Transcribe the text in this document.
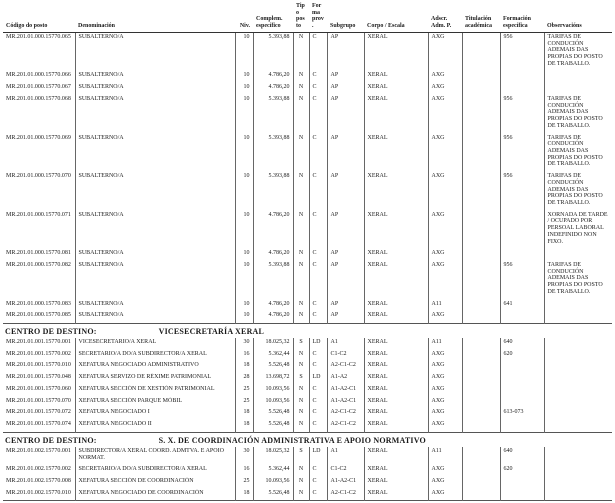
Código do posto	Denominación	Niv.	Complem. específico	Tipo posto	Forma prov.	Subgrupo	Corpo / Escala	Adscr. Adm. P.	Titulación académica	Formación específica	Observacións
MR.201.01.000.15770.065	SUBALTERNO/A	10	5.393,88	N	C	AP	XERAL	AXG		956	TARIFAS DE CONDUCIÓN ADEMAIS DAS PROPIAS DO POSTO DE TRABALLO.
MR.201.01.000.15770.066	SUBALTERNO/A	10	4.786,20	N	C	AP	XERAL	AXG			
MR.201.01.000.15770.067	SUBALTERNO/A	10	4.786,20	N	C	AP	XERAL	AXG			
MR.201.01.000.15770.068	SUBALTERNO/A	10	5.393,88	N	C	AP	XERAL	AXG		956	TARIFAS DE CONDUCIÓN ADEMAIS DAS PROPIAS DO POSTO DE TRABALLO.
MR.201.01.000.15770.069	SUBALTERNO/A	10	5.393,88	N	C	AP	XERAL	AXG		956	TARIFAS DE CONDUCIÓN ADEMAIS DAS PROPIAS DO POSTO DE TRABALLO.
MR.201.01.000.15770.070	SUBALTERNO/A	10	5.393,88	N	C	AP	XERAL	AXG		956	TARIFAS DE CONDUCIÓN ADEMAIS DAS PROPIAS DO POSTO DE TRABALLO.
MR.201.01.000.15770.071	SUBALTERNO/A	10	4.786,20	N	C	AP	XERAL	AXG			XORNADA DE TARDE / OCUPADO POR PERSOAL LABORAL INDEFINIDO NON FIXO.
MR.201.01.000.15770.081	SUBALTERNO/A	10	4.786,20	N	C	AP	XERAL	AXG			
MR.201.01.000.15770.082	SUBALTERNO/A	10	5.393,88	N	C	AP	XERAL	AXG		956	TARIFAS DE CONDUCIÓN ADEMAIS DAS PROPIAS DO POSTO DE TRABALLO.
MR.201.01.000.15770.083	SUBALTERNO/A	10	4.786,20	N	C	AP	XERAL	A11		641	
MR.201.01.000.15770.085	SUBALTERNO/A	10	4.786,20	N	C	AP	XERAL	AXG			
CENTRO DE DESTINO:	VICESECRETARÍA XERAL
MR.201.01.001.15770.001	VICESECRETARIO/A XERAL	30	18.025,32	S	LD	A1	XERAL	A11		640	
MR.201.01.001.15770.002	SECRETARIO/A DO/A SUBDIRECTOR/A XERAL	16	5.362,44	N	C	C1-C2	XERAL	AXG		620	
MR.201.01.001.15770.010	XEFATURA NEGOCIADO ADMINISTRATIVO	18	5.526,48	N	C	A2-C1-C2	XERAL	AXG			
MR.201.01.001.15770.048	XEFATURA SERVIZO DE RÉXIME PATRIMONIAL	28	13.698,72	S	LD	A1-A2	XERAL	AXG			
MR.201.01.001.15770.060	XEFATURA SECCIÓN DE XESTIÓN PATRIMONIAL	25	10.093,56	N	C	A1-A2-C1	XERAL	AXG			
MR.201.01.001.15770.070	XEFATURA SECCIÓN PARQUE MÓBIL	25	10.093,56	N	C	A1-A2-C1	XERAL	AXG			
MR.201.01.001.15770.072	XEFATURA NEGOCIADO I	18	5.526,48	N	C	A2-C1-C2	XERAL	AXG		613-073	
MR.201.01.001.15770.074	XEFATURA NEGOCIADO II	18	5.526,48	N	C	A2-C1-C2	XERAL	AXG			
CENTRO DE DESTINO:	S. X. DE COORDINACIÓN ADMINISTRATIVA E APOIO NORMATIVO
MR.201.01.002.15770.001	SUBDIRECTOR/A XERAL COORD. ADMTVA. E APOIO NORMAT.	30	18.025,32	S	LD	A1	XERAL	A11		640	
MR.201.01.002.15770.002	SECRETARIO/A DO/A SUBDIRECTOR/A XERAL	16	5.362,44	N	C	C1-C2	XERAL	AXG		620	
MR.201.01.002.15770.008	XEFATURA SECCIÓN DE COORDINACIÓN	25	10.093,56	N	C	A1-A2-C1	XERAL	AXG			
MR.201.01.002.15770.010	XEFATURA NEGOCIADO DE COORDINACIÓN	18	5.526,48	N	C	A2-C1-C2	XERAL	AXG			
